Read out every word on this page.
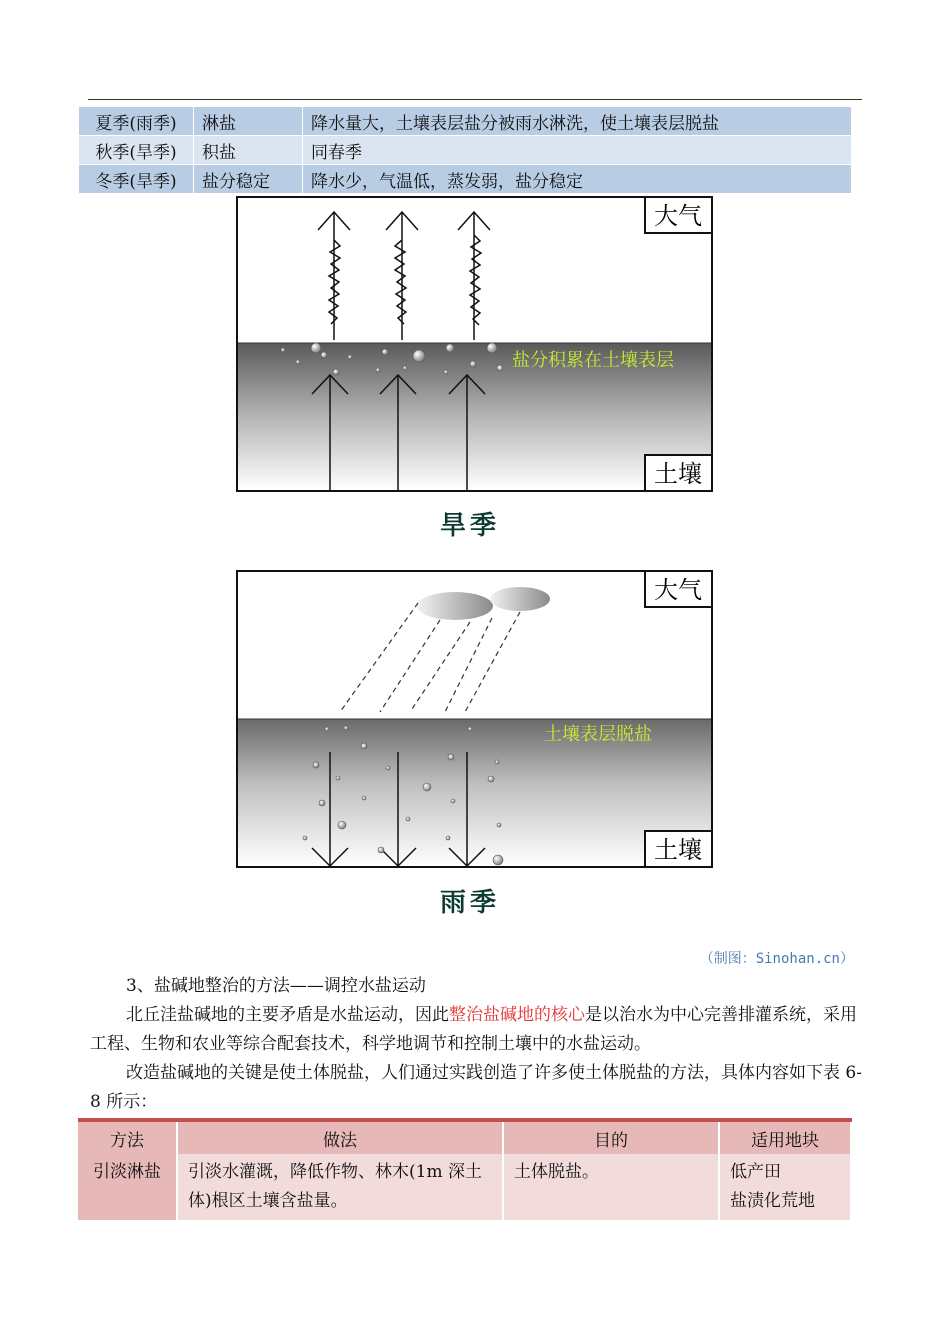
夏季(雨季)	淋盐	降水量大，土壤表层盐分被雨水淋洗，使土壤表层脱盐
秋季(旱季)	积盐	同春季
冬季(旱季)	盐分稳定	降水少，气温低，蒸发弱，盐分稳定
大气
土壤
盐分积累在土壤表层
旱季
大气
土壤
土壤表层脱盐
雨季
（制图：Sinohan.cn）
3、盐碱地整治的方法——调控水盐运动
北丘洼盐碱地的主要矛盾是水盐运动，因此整治盐碱地的核心是以治水为中心完善排灌系统，采用工程、生物和农业等综合配套技术，科学地调节和控制土壤中的水盐运动。
改造盐碱地的关键是使土体脱盐，人们通过实践创造了许多使土体脱盐的方法，具体内容如下表 6-8 所示：
方法	做法	目的	适用地块
引淡淋盐	引淡水灌溉，降低作物、林木(1m 深土体)根区土壤含盐量。	土体脱盐。	低产田
盐渍化荒地
